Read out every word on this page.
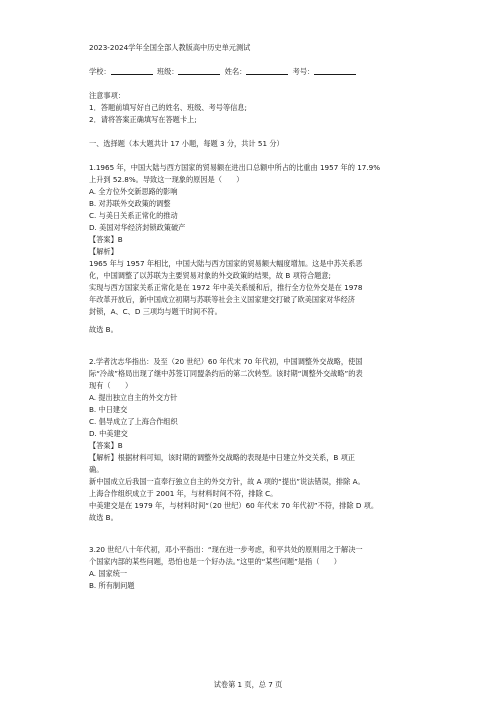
2023-2024学年全国全部人教版高中历史单元测试
学校：	班级：	姓名：	考号：
注意事项：
1．答题前填写好自己的姓名、班级、考号等信息;
2．请将答案正确填写在答题卡上;
一、选择题（本大题共计 17 小题，每题 3 分，共计 51 分）
1.1965 年，中国大陆与西方国家的贸易额在进出口总额中所占的比重由 1957 年的 17.9%
上升到 52.8%。导致这一现象的原因是（　　）
A. 全方位外交新思路的影响
B. 对苏联外交政策的调整
C. 与美日关系正常化的推动
D. 美国对华经济封锁政策破产
【答案】B
【解析】
1965 年与 1957 年相比，中国大陆与西方国家的贸易额大幅度增加。这是中苏关系恶
化，中国调整了以苏联为主要贸易对象的外交政策的结果，故 B 项符合题意;
实现与西方国家关系正常化是在 1972 年中美关系缓和后，推行全方位外交是在 1978
年改革开放后，新中国成立初期与苏联等社会主义国家建交打破了欧美国家对华经济
封锁，A、C、D 三项均与题干时间不符。
故选 B。
2.学者沈志华指出：及至（20 世纪）60 年代末 70 年代初，中国调整外交战略，使国
际“冷战”格局出现了继中苏签订同盟条约后的第二次转型。该时期“调整外交战略”的表
现有（　　）
A. 提出独立自主的外交方针
B. 中日建交
C. 倡导成立了上海合作组织
D. 中美建交
【答案】B
【解析】根据材料可知，该时期的调整外交战略的表现是中日建立外交关系，B 项正
确。
新中国成立后我国一直奉行独立自主的外交方针，故 A 项的“提出”说法错误，排除 A。
上海合作组织成立于 2001 年，与材料时间不符，排除 C。
中美建交是在 1979 年，与材料时间“（20 世纪）60 年代末 70 年代初”不符，排除 D 项。
故选 B。
3.20 世纪八十年代初，邓小平指出：“现在进一步考虑，和平共处的原则用之于解决一
个国家内部的某些问题，恐怕也是一个好办法。”这里的“某些问题”是指（　　）
A. 国家统一
B. 所有制问题
试卷第 1 页，总 7 页
